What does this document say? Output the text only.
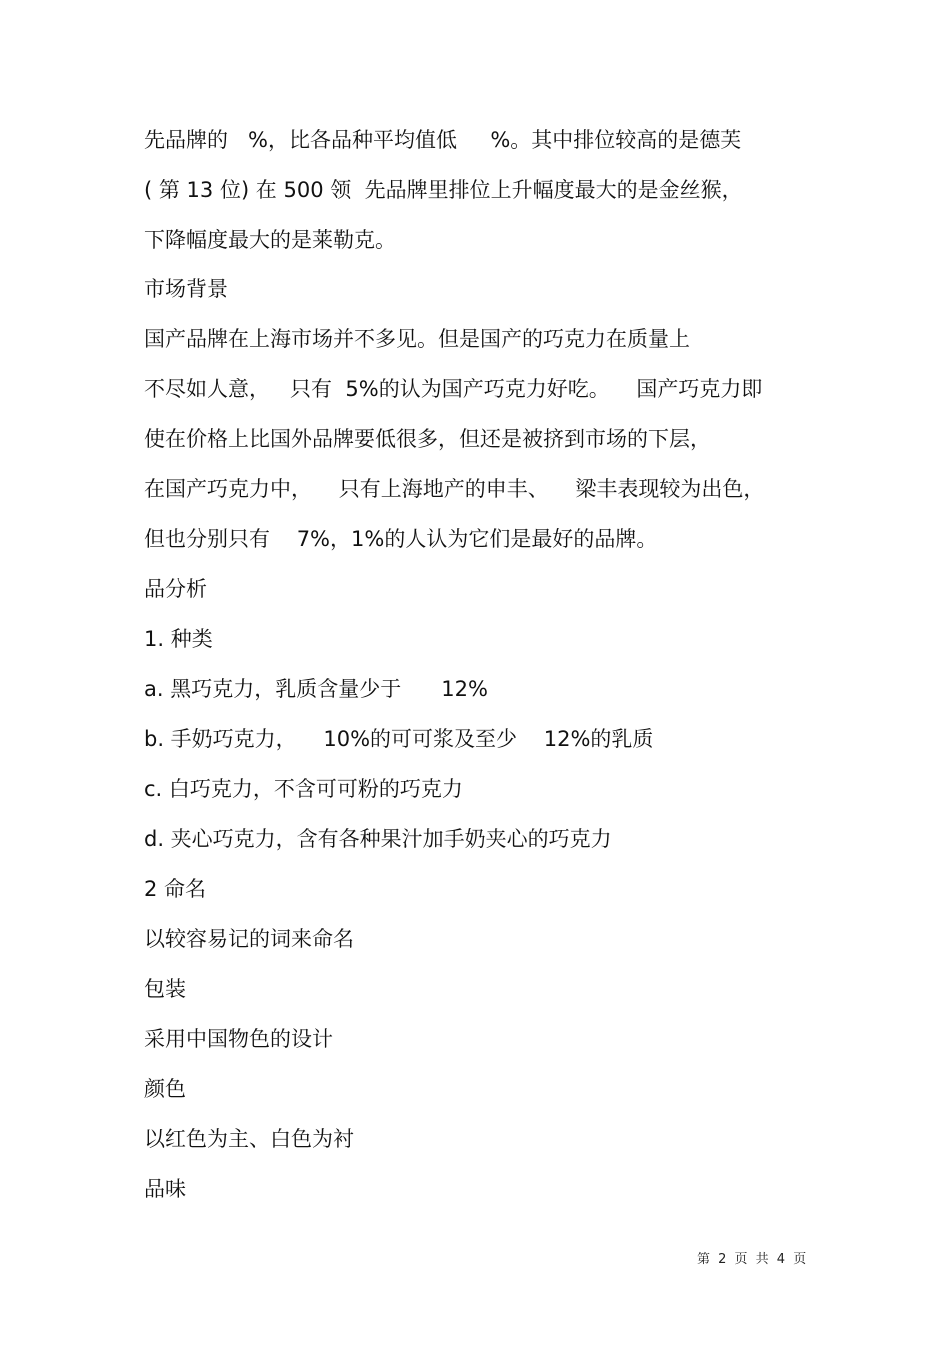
先品牌的   %，比各品种平均值低     %。其中排位较高的是德芙

( 第 13 位) 在 500 领  先品牌里排位上升幅度最大的是金丝猴，

下降幅度最大的是莱勒克。

市场背景

国产品牌在上海市场并不多见。但是国产的巧克力在质量上

不尽如人意，   只有  5%的认为国产巧克力好吃。    国产巧克力即

使在价格上比国外品牌要低很多，但还是被挤到市场的下层，

在国产巧克力中，    只有上海地产的申丰、    梁丰表现较为出色，

但也分别只有    7%，1%的人认为它们是最好的品牌。

品分析

1. 种类

a. 黑巧克力，乳质含量少于      12%

b. 手奶巧克力，    10%的可可浆及至少    12%的乳质

c. 白巧克力，不含可可粉的巧克力

d. 夹心巧克力，含有各种果汁加手奶夹心的巧克力

2 命名

以较容易记的词来命名

包装

采用中国物色的设计

颜色

以红色为主、白色为衬

品味

第 2 页 共 4 页
